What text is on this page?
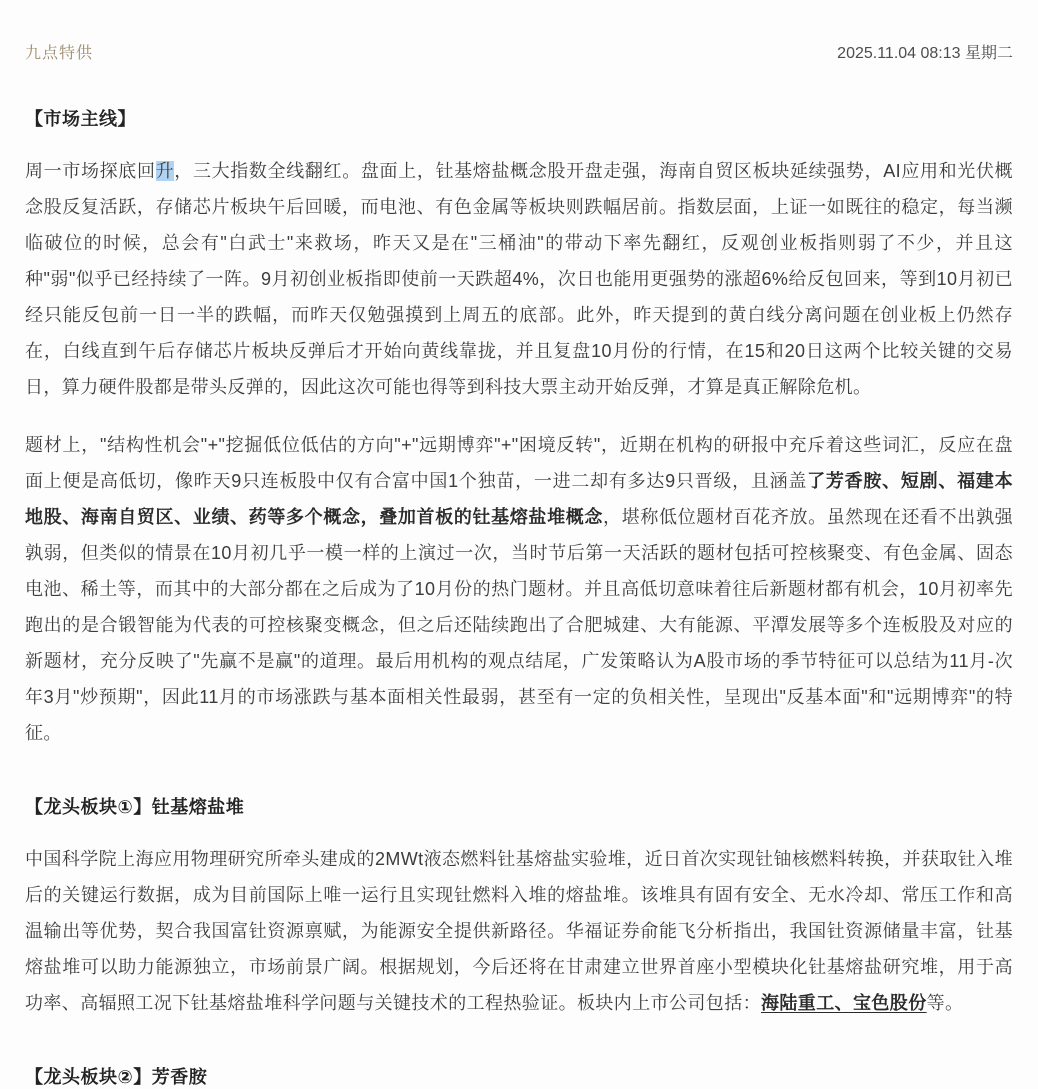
九点特供	2025.11.04 08:13 星期二
【市场主线】

周一市场探底回升，三大指数全线翻红。盘面上，钍基熔盐概念股开盘走强，海南自贸区板块延续强势，AI应用和光伏概念股反复活跃，存储芯片板块午后回暖，而电池、有色金属等板块则跌幅居前。指数层面，上证一如既往的稳定，每当濒临破位的时候，总会有"白武士"来救场，昨天又是在"三桶油"的带动下率先翻红，反观创业板指则弱了不少，并且这种"弱"似乎已经持续了一阵。9月初创业板指即使前一天跌超4%，次日也能用更强势的涨超6%给反包回来，等到10月初已经只能反包前一日一半的跌幅，而昨天仅勉强摸到上周五的底部。此外，昨天提到的黄白线分离问题在创业板上仍然存在，白线直到午后存储芯片板块反弹后才开始向黄线靠拢，并且复盘10月份的行情，在15和20日这两个比较关键的交易日，算力硬件股都是带头反弹的，因此这次可能也得等到科技大票主动开始反弹，才算是真正解除危机。

题材上，"结构性机会"+"挖掘低位低估的方向"+"远期博弈"+"困境反转"，近期在机构的研报中充斥着这些词汇，反应在盘面上便是高低切，像昨天9只连板股中仅有合富中国1个独苗，一进二却有多达9只晋级，且涵盖了芳香胺、短剧、福建本地股、海南自贸区、业绩、药等多个概念，叠加首板的钍基熔盐堆概念，堪称低位题材百花齐放。虽然现在还看不出孰强孰弱，但类似的情景在10月初几乎一模一样的上演过一次，当时节后第一天活跃的题材包括可控核聚变、有色金属、固态电池、稀土等，而其中的大部分都在之后成为了10月份的热门题材。并且高低切意味着往后新题材都有机会，10月初率先跑出的是合锻智能为代表的可控核聚变概念，但之后还陆续跑出了合肥城建、大有能源、平潭发展等多个连板股及对应的新题材，充分反映了"先赢不是赢"的道理。最后用机构的观点结尾，广发策略认为A股市场的季节特征可以总结为11月-次年3月"炒预期"，因此11月的市场涨跌与基本面相关性最弱，甚至有一定的负相关性，呈现出"反基本面"和"远期博弈"的特征。

【龙头板块①】钍基熔盐堆

中国科学院上海应用物理研究所牵头建成的2MWt液态燃料钍基熔盐实验堆，近日首次实现钍铀核燃料转换，并获取钍入堆后的关键运行数据，成为目前国际上唯一运行且实现钍燃料入堆的熔盐堆。该堆具有固有安全、无水冷却、常压工作和高温输出等优势，契合我国富钍资源禀赋，为能源安全提供新路径。华福证券俞能飞分析指出，我国钍资源储量丰富，钍基熔盐堆可以助力能源独立，市场前景广阔。根据规划，今后还将在甘肃建立世界首座小型模块化钍基熔盐研究堆，用于高功率、高辐照工况下钍基熔盐堆科学问题与关键技术的工程热验证。板块内上市公司包括：海陆重工、宝色股份等。

【龙头板块②】芳香胺
